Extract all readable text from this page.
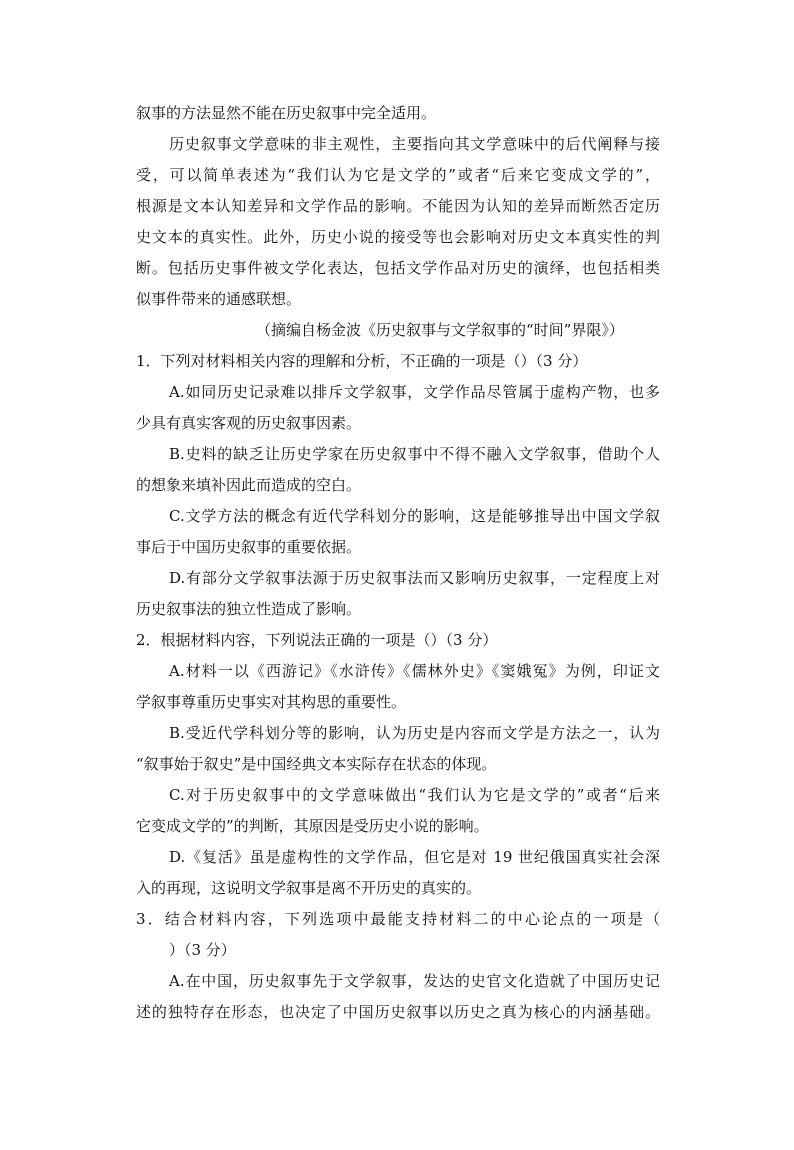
叙事的方法显然不能在历史叙事中完全适用。
历史叙事文学意味的非主观性，主要指向其文学意味中的后代阐释与接
受，可以简单表述为“我们认为它是文学的”或者“后来它变成文学的”，
根源是文本认知差异和文学作品的影响。不能因为认知的差异而断然否定历
史文本的真实性。此外，历史小说的接受等也会影响对历史文本真实性的判
断。包括历史事件被文学化表达，包括文学作品对历史的演绎，也包括相类
似事件带来的通感联想。
（摘编自杨金波《历史叙事与文学叙事的“时间”界限》）
1．下列对材料相关内容的理解和分析，不正确的一项是（）（3 分）
A.如同历史记录难以排斥文学叙事，文学作品尽管属于虚构产物，也多
少具有真实客观的历史叙事因素。
B.史料的缺乏让历史学家在历史叙事中不得不融入文学叙事，借助个人
的想象来填补因此而造成的空白。
C.文学方法的概念有近代学科划分的影响，这是能够推导出中国文学叙
事后于中国历史叙事的重要依据。
D.有部分文学叙事法源于历史叙事法而又影响历史叙事，一定程度上对
历史叙事法的独立性造成了影响。
2．根据材料内容，下列说法正确的一项是（）（3 分）
A.材料一以《西游记》《水浒传》《儒林外史》《窦娥冤》为例，印证文
学叙事尊重历史事实对其构思的重要性。
B.受近代学科划分等的影响，认为历史是内容而文学是方法之一，认为
“叙事始于叙史”是中国经典文本实际存在状态的体现。
C.对于历史叙事中的文学意味做出“我们认为它是文学的”或者“后来
它变成文学的”的判断，其原因是受历史小说的影响。
D.《复活》虽是虚构性的文学作品，但它是对 19 世纪俄国真实社会深
入的再现，这说明文学叙事是离不开历史的真实的。
3．结合材料内容，下列选项中最能支持材料二的中心论点的一项是（
）（3 分）
A.在中国，历史叙事先于文学叙事，发达的史官文化造就了中国历史记
述的独特存在形态，也决定了中国历史叙事以历史之真为核心的内涵基础。
